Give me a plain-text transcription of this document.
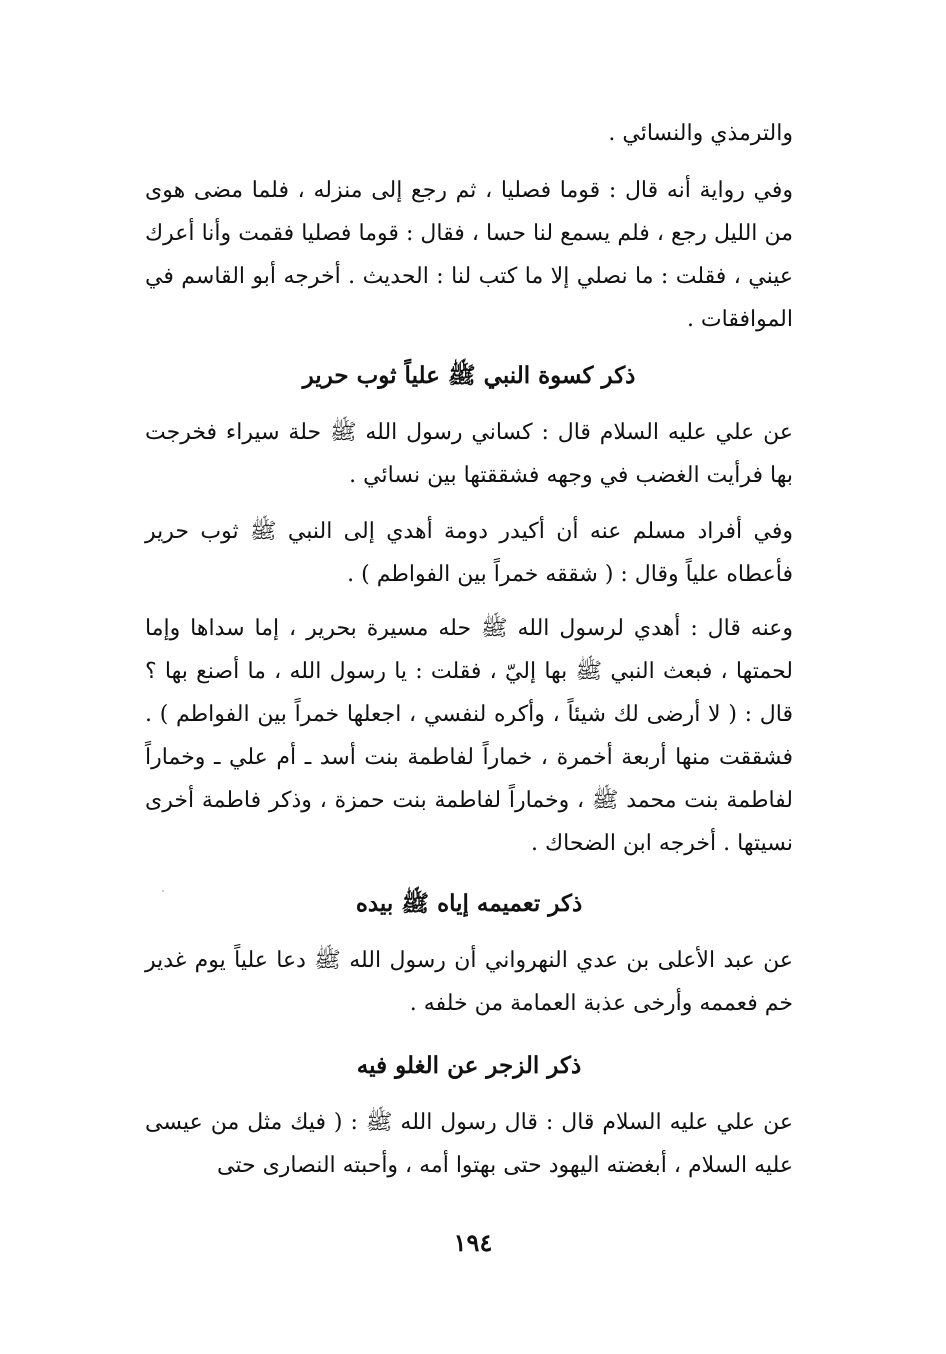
والترمذي والنسائي .

وفي رواية أنه قال : قوما فصليا ، ثم رجع إلى منزله ، فلما مضى هوى من الليل رجع ، فلم يسمع لنا حسا ، فقال : قوما فصليا فقمت وأنا أعرك عيني ، فقلت : ما نصلي إلا ما كتب لنا : الحديث . أخرجه أبو القاسم في الموافقات .

ذكر كسوة النبي ﷺ علياً ثوب حرير

عن علي عليه السلام قال : كساني رسول الله ﷺ حلة سيراء فخرجت بها فرأيت الغضب في وجهه فشققتها بين نسائي .

وفي أفراد مسلم عنه أن أكيدر دومة أهدي إلى النبي ﷺ ثوب حرير فأعطاه علياً وقال : ( شققه خمراً بين الفواطم ) .

وعنه قال : أهدي لرسول الله ﷺ حله مسيرة بحرير ، إما سداها وإما لحمتها ، فبعث النبي ﷺ بها إليّ ، فقلت : يا رسول الله ، ما أصنع بها ؟ قال : ( لا أرضى لك شيئاً ، وأكره لنفسي ، اجعلها خمراً بين الفواطم ) . فشققت منها أربعة أخمرة ، خماراً لفاطمة بنت أسد ـ أم علي ـ وخماراً لفاطمة بنت محمد ﷺ ، وخماراً لفاطمة بنت حمزة ، وذكر فاطمة أخرى نسيتها . أخرجه ابن الضحاك .

ذكر تعميمه إياه ﷺ بيده

عن عبد الأعلى بن عدي النهرواني أن رسول الله ﷺ دعا علياً يوم غدير خم فعممه وأرخى عذبة العمامة من خلفه .

ذكر الزجر عن الغلو فيه

عن علي عليه السلام قال : قال رسول الله ﷺ : ( فيك مثل من عيسى عليه السلام ، أبغضته اليهود حتى بهتوا أمه ، وأحبته النصارى حتى

١٩٤
